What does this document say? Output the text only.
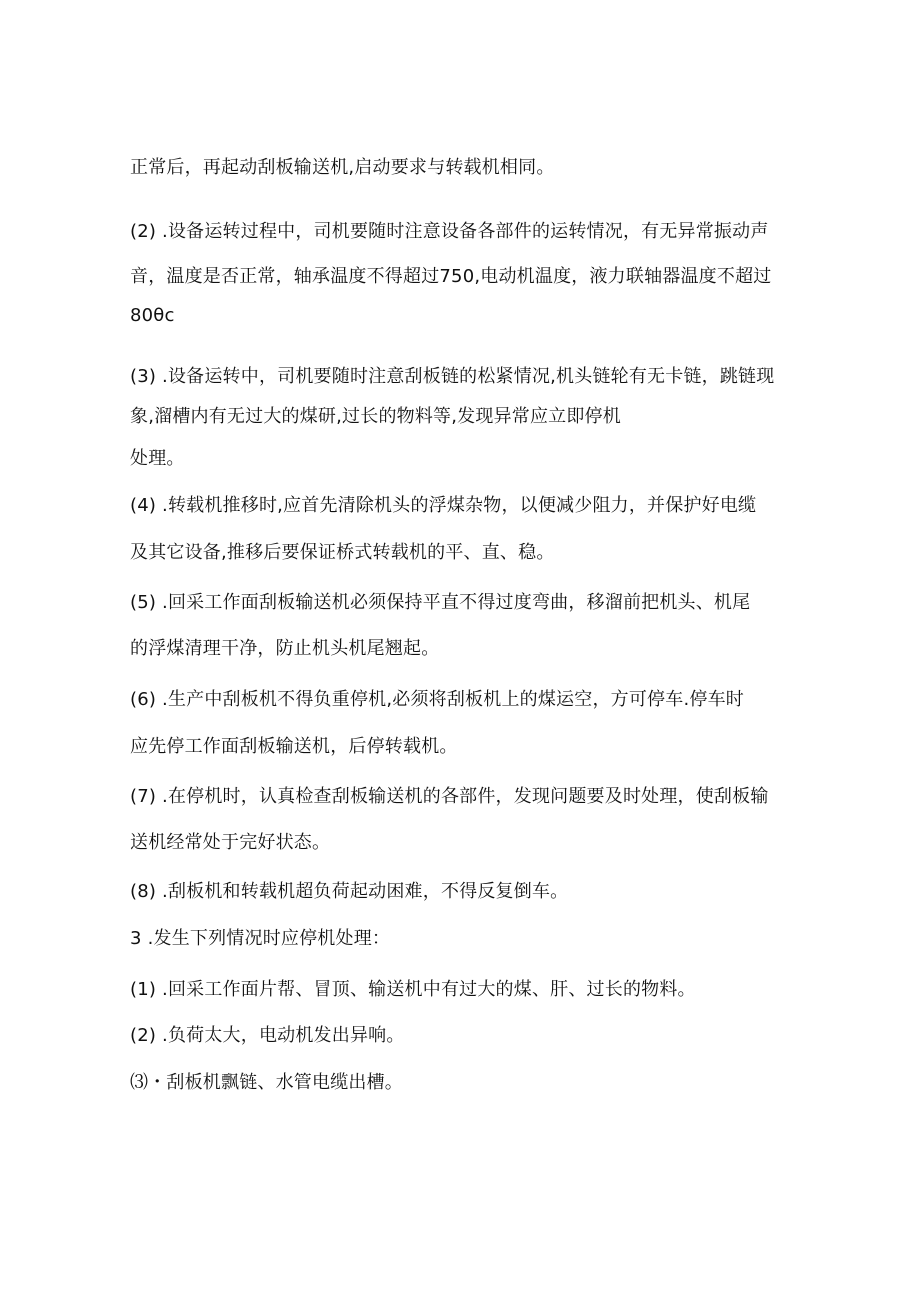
正常后，再起动刮板输送机,启动要求与转载机相同。
(2) .设备运转过程中，司机要随时注意设备各部件的运转情况，有无异常振动声
音，温度是否正常，轴承温度不得超过750,电动机温度，液力联轴器温度不超过
80θc
(3) .设备运转中，司机要随时注意刮板链的松紧情况,机头链轮有无卡链，跳链现
象,溜槽内有无过大的煤研,过长的物料等,发现异常应立即停机
处理。
(4) .转载机推移时,应首先清除机头的浮煤杂物，以便减少阻力，并保护好电缆
及其它设备,推移后要保证桥式转载机的平、直、稳。
(5) .回采工作面刮板输送机必须保持平直不得过度弯曲，移溜前把机头、机尾
的浮煤清理干净，防止机头机尾翘起。
(6) .生产中刮板机不得负重停机,必须将刮板机上的煤运空，方可停车.停车时
应先停工作面刮板输送机，后停转载机。
(7) .在停机时，认真检查刮板输送机的各部件，发现问题要及时处理，使刮板输
送机经常处于完好状态。
(8) .刮板机和转载机超负荷起动困难，不得反复倒车。
3 .发生下列情况时应停机处理：
(1) .回采工作面片帮、冒顶、输送机中有过大的煤、肝、过长的物料。
(2) .负荷太大，电动机发出异响。
⑶・刮板机飘链、水管电缆出槽。
